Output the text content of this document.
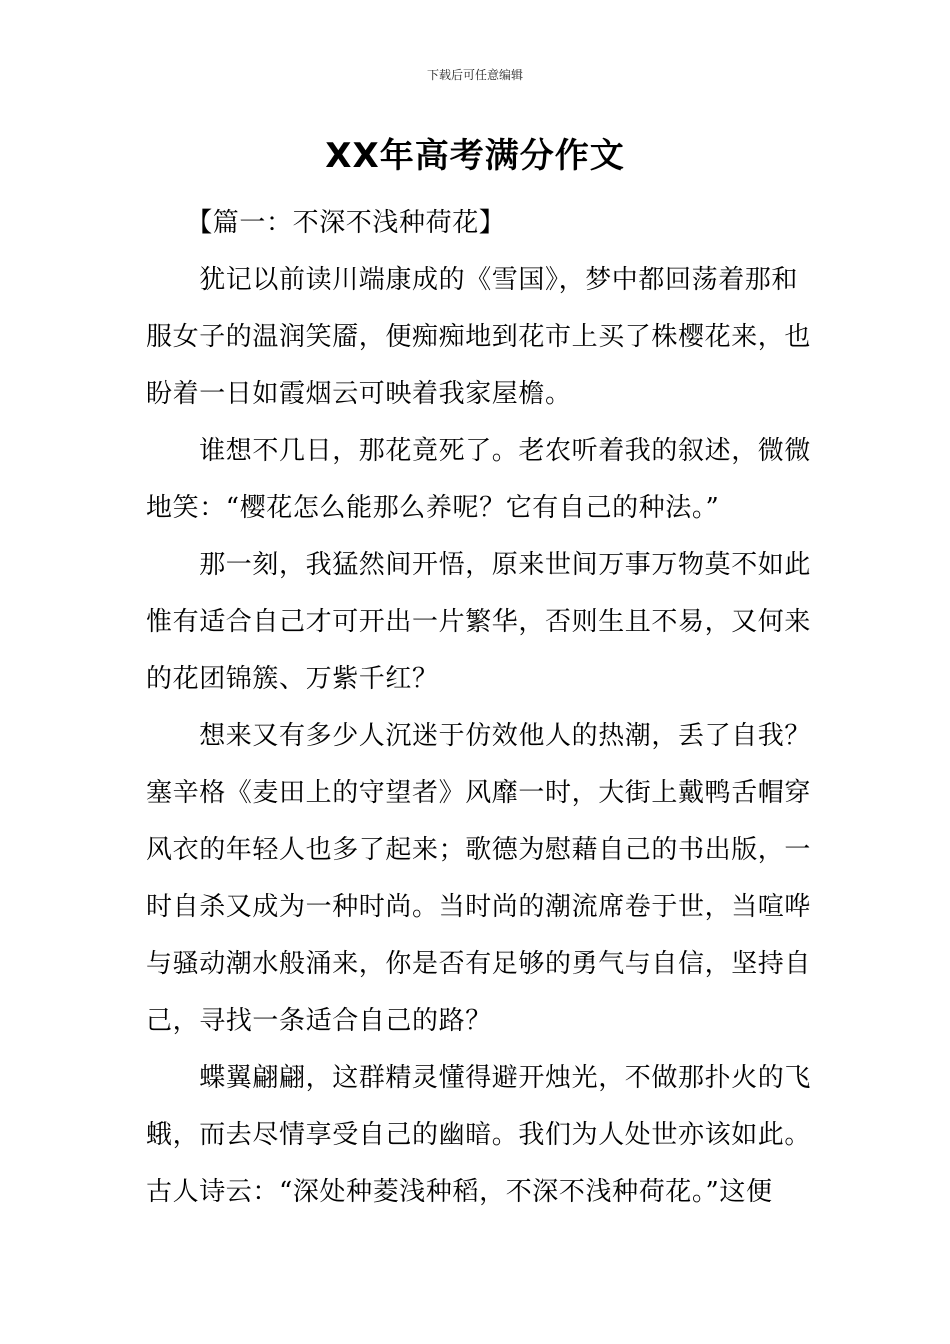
下载后可任意编辑
XX年高考满分作文
　　【篇一：不深不浅种荷花】
　　犹记以前读川端康成的《雪国》，梦中都回荡着那和
服女子的温润笑靥，便痴痴地到花市上买了株樱花来，也
盼着一日如霞烟云可映着我家屋檐。
　　谁想不几日，那花竟死了。老农听着我的叙述，微微
地笑：“樱花怎么能那么养呢？它有自己的种法。”
　　那一刻，我猛然间开悟，原来世间万事万物莫不如此
惟有适合自己才可开出一片繁华，否则生且不易，又何来
的花团锦簇、万紫千红？
　　想来又有多少人沉迷于仿效他人的热潮，丢了自我？
塞辛格《麦田上的守望者》风靡一时，大街上戴鸭舌帽穿
风衣的年轻人也多了起来；歌德为慰藉自己的书出版，一
时自杀又成为一种时尚。当时尚的潮流席卷于世，当喧哗
与骚动潮水般涌来，你是否有足够的勇气与自信，坚持自
己，寻找一条适合自己的路？
　　蝶翼翩翩，这群精灵懂得避开烛光，不做那扑火的飞
蛾，而去尽情享受自己的幽暗。我们为人处世亦该如此。
古人诗云：“深处种菱浅种稻，不深不浅种荷花。”这便
